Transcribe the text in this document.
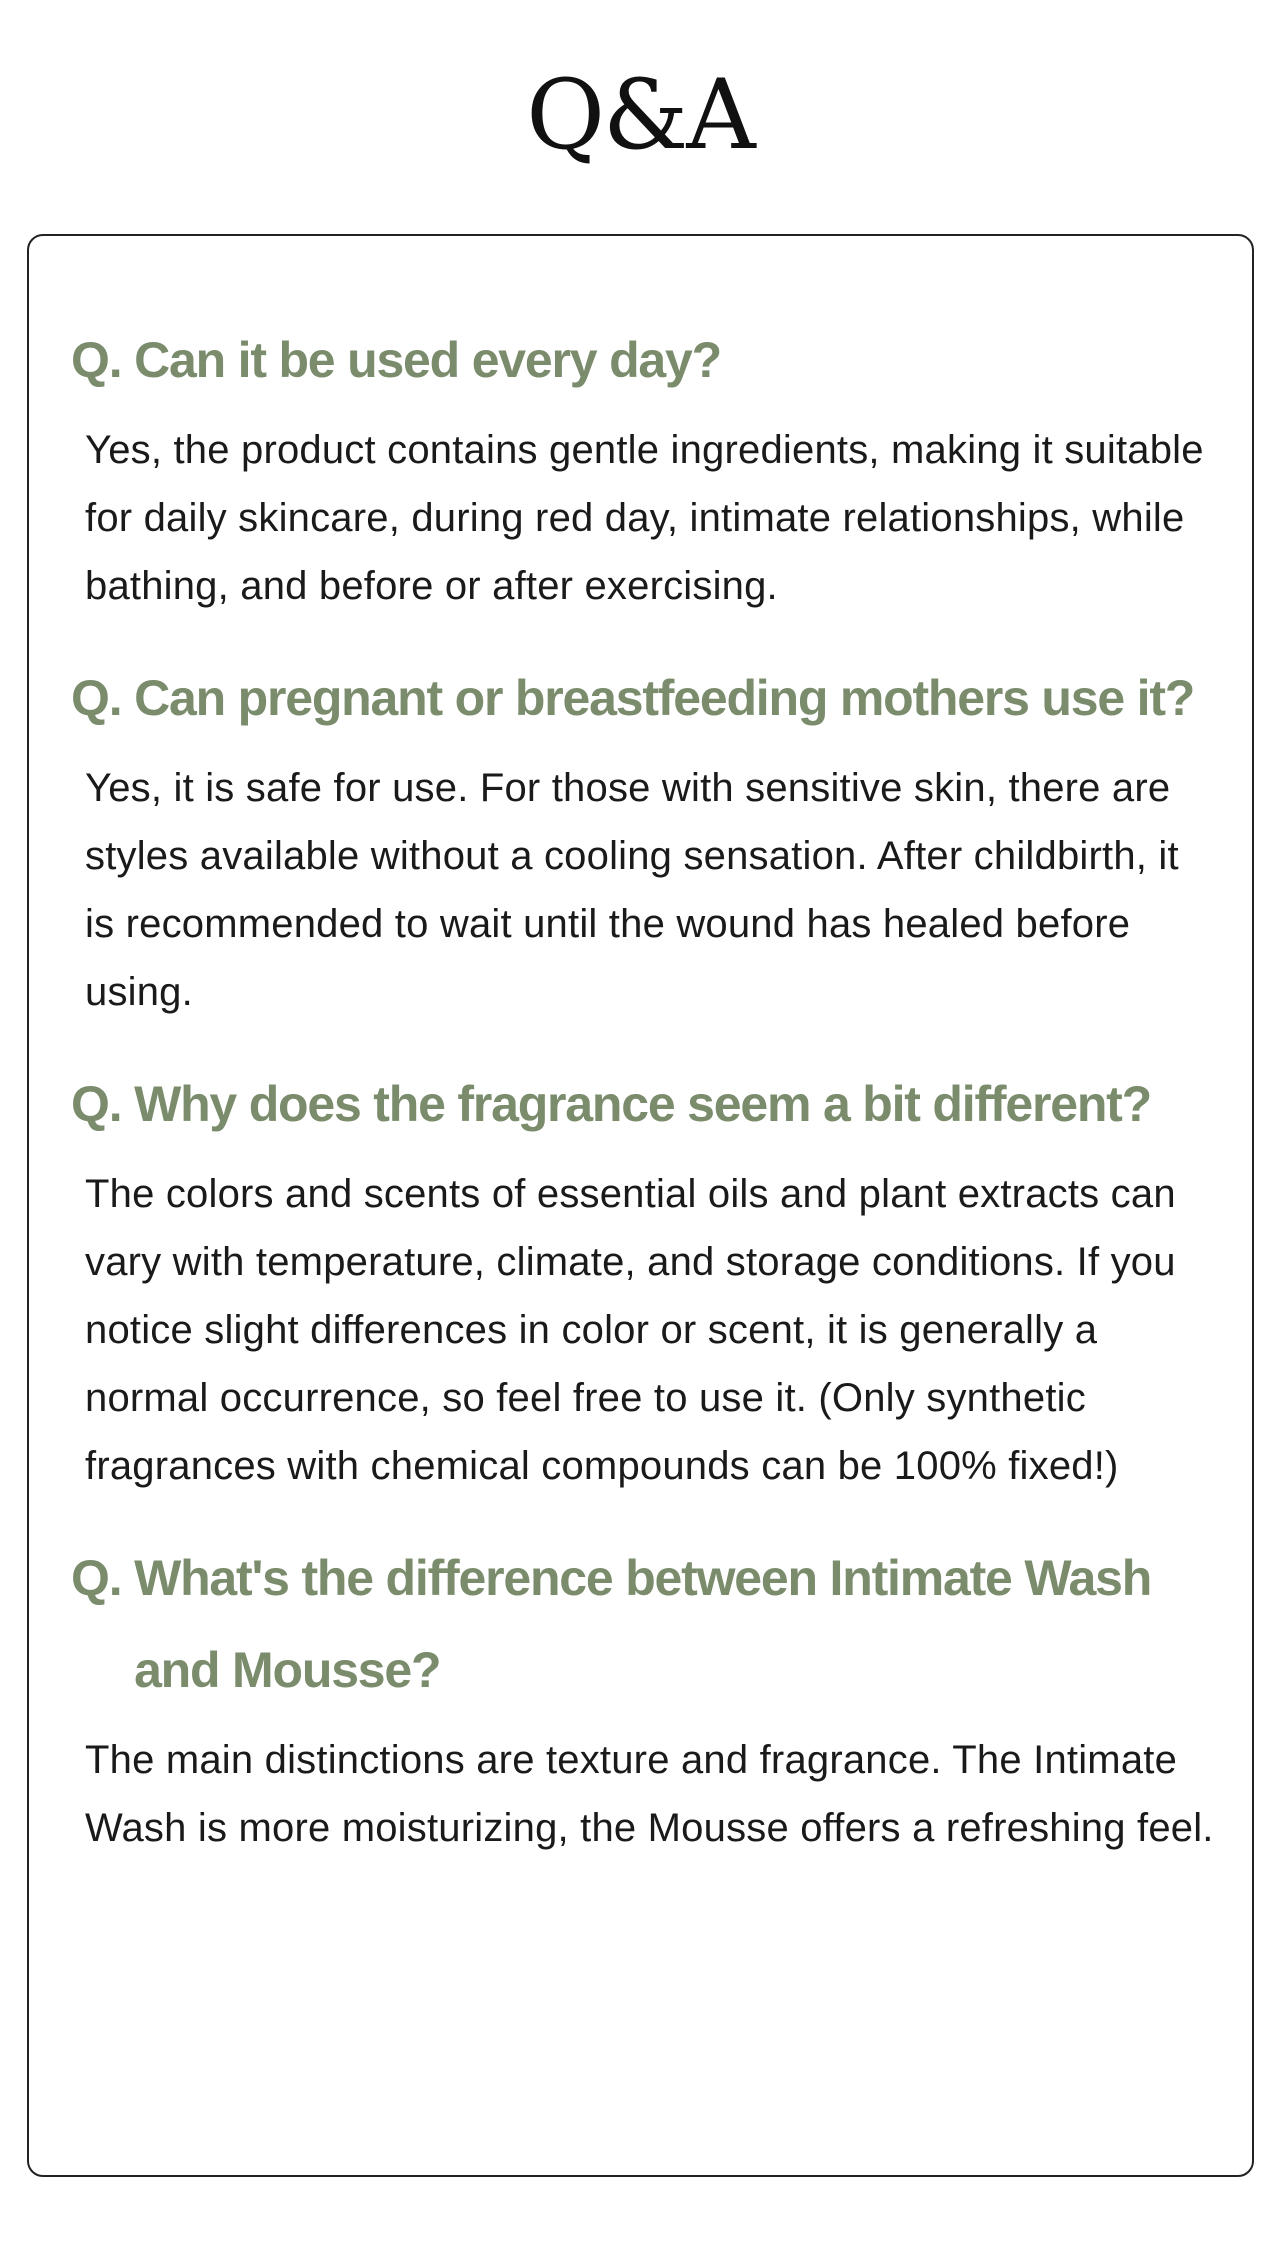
Q&A
Q. Can it be used every day?

Yes, the product contains gentle ingredients, making it suitable for daily skincare, during red day, intimate relationships, while bathing, and before or after exercising.

Q. Can pregnant or breastfeeding mothers use it?

Yes, it is safe for use. For those with sensitive skin, there are styles available without a cooling sensation. After childbirth, it is recommended to wait until the wound has healed before using.

Q. Why does the fragrance seem a bit different?

The colors and scents of essential oils and plant extracts can vary with temperature, climate, and storage conditions. If you notice slight differences in color or scent, it is generally a normal occurrence, so feel free to use it. (Only synthetic fragrances with chemical compounds can be 100% fixed!)

Q. What's the difference between Intimate Wash and Mousse?

The main distinctions are texture and fragrance. The Intimate Wash is more moisturizing, the Mousse offers a refreshing feel.
